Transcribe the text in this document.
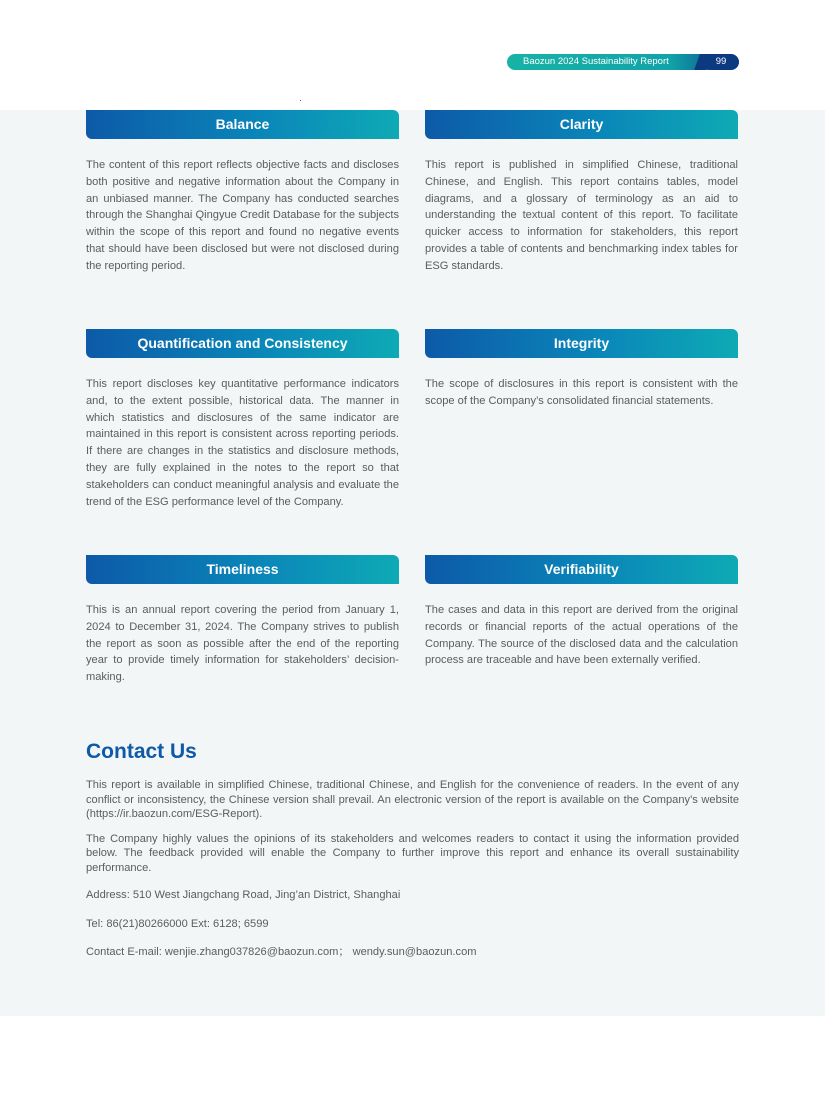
Baozun 2024 Sustainability Report	99
Balance
The content of this report reflects objective facts and discloses both positive and negative information about the Company in an unbiased manner. The Company has conducted searches through the Shanghai Qingyue Credit Database for the subjects within the scope of this report and found no negative events that should have been disclosed but were not disclosed during the reporting period.
Clarity
This report is published in simplified Chinese, traditional Chinese, and English. This report contains tables, model diagrams, and a glossary of terminology as an aid to understanding the textual content of this report. To facilitate quicker access to information for stakeholders, this report provides a table of contents and benchmarking index tables for ESG standards.
Quantification and Consistency
This report discloses key quantitative performance indicators and, to the extent possible, historical data. The manner in which statistics and disclosures of the same indicator are maintained in this report is consistent across reporting periods. If there are changes in the statistics and disclosure methods, they are fully explained in the notes to the report so that stakeholders can conduct meaningful analysis and evaluate the trend of the ESG performance level of the Company.
Integrity
The scope of disclosures in this report is consistent with the scope of the Company’s consolidated financial statements.
Timeliness
This is an annual report covering the period from January 1, 2024 to December 31, 2024. The Company strives to publish the report as soon as possible after the end of the reporting year to provide timely information for stakeholders’ decision- making.
Verifiability
The cases and data in this report are derived from the original records or financial reports of the actual operations of the Company. The source of the disclosed data and the calculation process are traceable and have been externally verified.
Contact Us

This report is available in simplified Chinese, traditional Chinese, and English for the convenience of readers. In the event of any conflict or inconsistency, the Chinese version shall prevail. An electronic version of the report is available on the Company’s website (https://ir.baozun.com/ESG-Report).

The Company highly values the opinions of its stakeholders and welcomes readers to contact it using the information provided below. The feedback provided will enable the Company to further improve this report and enhance its overall sustainability performance.

Address: 510 West Jiangchang Road, Jing’an District, Shanghai

Tel: 86(21)80266000 Ext: 6128; 6599

Contact E-mail: wenjie.zhang037826@baozun.com； wendy.sun@baozun.com
